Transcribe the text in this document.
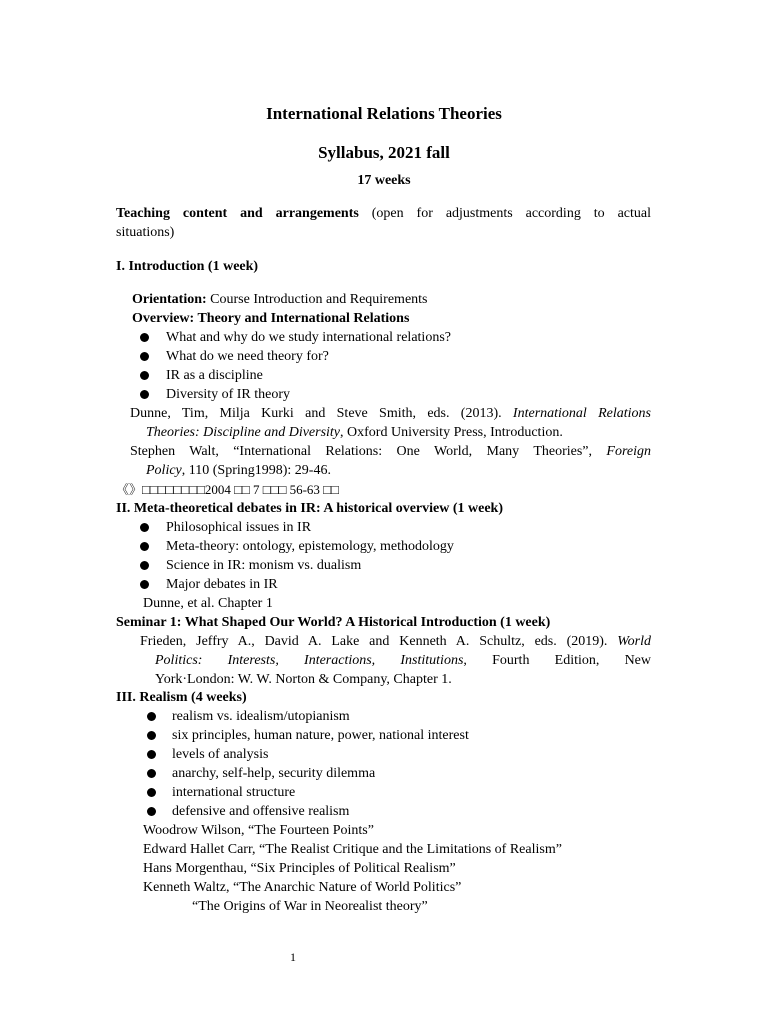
International Relations Theories
Syllabus, 2021 fall
17 weeks
Teaching content and arrangements (open for adjustments according to actual
situations)
I. Introduction (1 week)
Orientation: Course Introduction and Requirements
Overview: Theory and International Relations
What and why do we study international relations?
What do we need theory for?
IR as a discipline
Diversity of IR theory
Dunne, Tim, Milja Kurki and Steve Smith, eds. (2013). International Relations
Theories: Discipline and Diversity, Oxford University Press, Introduction.
Stephen Walt, “International Relations: One World, Many Theories”, Foreign
Policy, 110 (Spring1998): 29-46.
《》□□□□□□□□2004 □□ 7 □□□ 56-63 □□
II. Meta-theoretical debates in IR: A historical overview (1 week)
Philosophical issues in IR
Meta-theory: ontology, epistemology, methodology
Science in IR: monism vs. dualism
Major debates in IR
Dunne, et al. Chapter 1
Seminar 1: What Shaped Our World? A Historical Introduction (1 week)
Frieden, Jeffry A., David A. Lake and Kenneth A. Schultz, eds. (2019). World
Politics: Interests, Interactions, Institutions, Fourth Edition, New
York·London: W. W. Norton & Company, Chapter 1.
III. Realism (4 weeks)
realism vs. idealism/utopianism
six principles, human nature, power, national interest
levels of analysis
anarchy, self-help, security dilemma
international structure
defensive and offensive realism
Woodrow Wilson, “The Fourteen Points”
Edward Hallet Carr, “The Realist Critique and the Limitations of Realism”
Hans Morgenthau, “Six Principles of Political Realism”
Kenneth Waltz, “The Anarchic Nature of World Politics”
“The Origins of War in Neorealist theory”
1
